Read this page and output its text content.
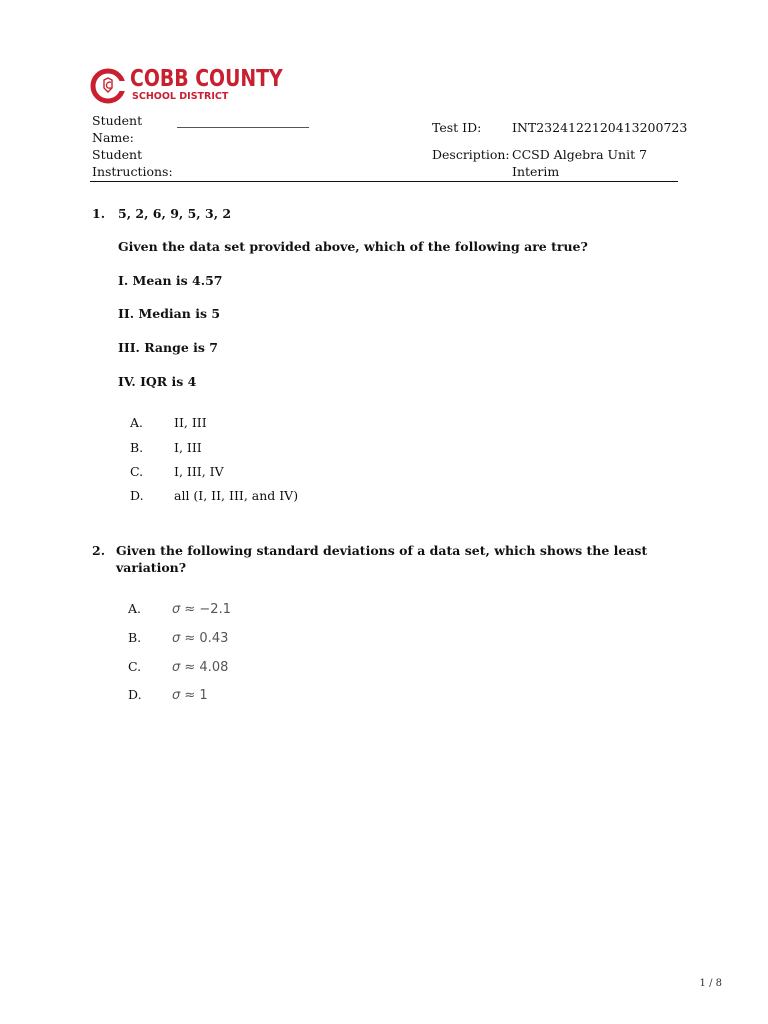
COBB COUNTY
SCHOOL DISTRICT
Student
Name:
Student
Instructions:
Test ID: INT2324122120413200723
Description: CCSD Algebra Unit 7
Interim
1. 5, 2, 6, 9, 5, 3, 2
Given the data set provided above, which of the following are true?
I. Mean is 4.57
II. Median is 5
III. Range is 7
IV. IQR is 4
A. II, III
B. I, III
C. I, III, IV
D. all (I, II, III, and IV)
2. Given the following standard deviations of a data set, which shows the least
variation?
A. σ ≈ −2.1
B. σ ≈ 0.43
C. σ ≈ 4.08
D. σ ≈ 1
1 / 8
